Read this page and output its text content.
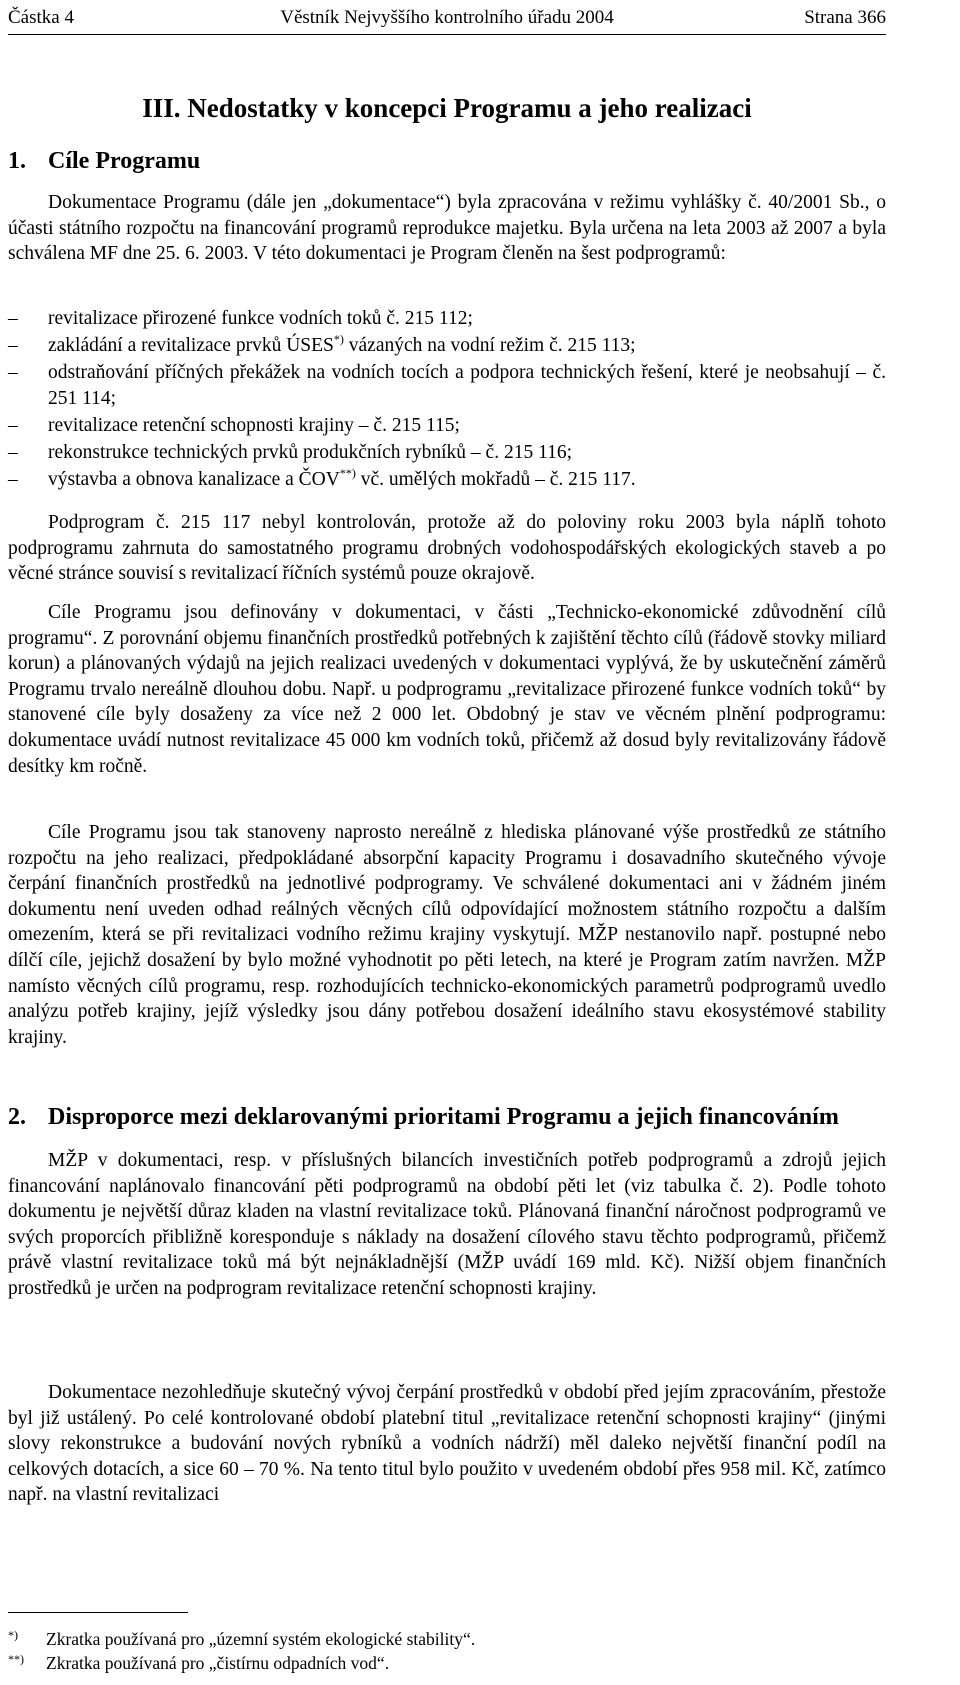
Částka 4	Věstník Nejvyššího kontrolního úřadu 2004	Strana 366
III. Nedostatky v koncepci Programu a jeho realizaci
1. Cíle Programu
Dokumentace Programu (dále jen „dokumentace“) byla zpracována v režimu vyhlášky č. 40/2001 Sb., o účasti státního rozpočtu na financování programů reprodukce majetku. Byla určena na leta 2003 až 2007 a byla schválena MF dne 25. 6. 2003. V této dokumentaci je Program členěn na šest podprogramů:
– revitalizace přirozené funkce vodních toků č. 215 112;
– zakládání a revitalizace prvků ÚSES*) vázaných na vodní režim č. 215 113;
– odstraňování příčných překážek na vodních tocích a podpora technických řešení, které je neobsahují – č. 251 114;
– revitalizace retenční schopnosti krajiny – č. 215 115;
– rekonstrukce technických prvků produkčních rybníků – č. 215 116;
– výstavba a obnova kanalizace a ČOV**) vč. umělých mokřadů – č. 215 117.
Podprogram č. 215 117 nebyl kontrolován, protože až do poloviny roku 2003 byla náplň tohoto podprogramu zahrnuta do samostatného programu drobných vodohospodářských ekologických staveb a po věcné stránce souvisí s revitalizací říčních systémů pouze okrajově.
Cíle Programu jsou definovány v dokumentaci, v části „Technicko-ekonomické zdůvodnění cílů programu“. Z porovnání objemu finančních prostředků potřebných k zajištění těchto cílů (řádově stovky miliard korun) a plánovaných výdajů na jejich realizaci uvedených v dokumentaci vyplývá, že by uskutečnění záměrů Programu trvalo nereálně dlouhou dobu. Např. u podprogramu „revitalizace přirozené funkce vodních toků“ by stanovené cíle byly dosaženy za více než 2 000 let. Obdobný je stav ve věcném plnění podprogramu: dokumentace uvádí nutnost revitalizace 45 000 km vodních toků, přičemž až dosud byly revitalizovány řádově desítky km ročně.
Cíle Programu jsou tak stanoveny naprosto nereálně z hlediska plánované výše prostředků ze státního rozpočtu na jeho realizaci, předpokládané absorpční kapacity Programu i dosavadního skutečného vývoje čerpání finančních prostředků na jednotlivé podprogramy. Ve schválené dokumentaci ani v žádném jiném dokumentu není uveden odhad reálných věcných cílů odpovídající možnostem státního rozpočtu a dalším omezením, která se při revitalizaci vodního režimu krajiny vyskytují. MŽP nestanovilo např. postupné nebo dílčí cíle, jejichž dosažení by bylo možné vyhodnotit po pěti letech, na které je Program zatím navržen. MŽP namísto věcných cílů programu, resp. rozhodujících technicko-ekonomických parametrů podprogramů uvedlo analýzu potřeb krajiny, jejíž výsledky jsou dány potřebou dosažení ideálního stavu ekosystémové stability krajiny.
2. Disproporce mezi deklarovanými prioritami Programu a jejich financováním
MŽP v dokumentaci, resp. v příslušných bilancích investičních potřeb podprogramů a zdrojů jejich financování naplánovalo financování pěti podprogramů na období pěti let (viz tabulka č. 2). Podle tohoto dokumentu je největší důraz kladen na vlastní revitalizace toků. Plánovaná finanční náročnost podprogramů ve svých proporcích přibližně koresponduje s náklady na dosažení cílového stavu těchto podprogramů, přičemž právě vlastní revitalizace toků má být nejnákladnější (MŽP uvádí 169 mld. Kč). Nižší objem finančních prostředků je určen na podprogram revitalizace retenční schopnosti krajiny.
Dokumentace nezohledňuje skutečný vývoj čerpání prostředků v období před jejím zpracováním, přestože byl již ustálený. Po celé kontrolované období platební titul „revitalizace retenční schopnosti krajiny“ (jinými slovy rekonstrukce a budování nových rybníků a vodních nádrží) měl daleko největší finanční podíl na celkových dotacích, a sice 60 – 70 %. Na tento titul bylo použito v uvedeném období přes 958 mil. Kč, zatímco např. na vlastní revitalizaci
*) Zkratka používaná pro „územní systém ekologické stability“.
**) Zkratka používaná pro „čistírnu odpadních vod“.
